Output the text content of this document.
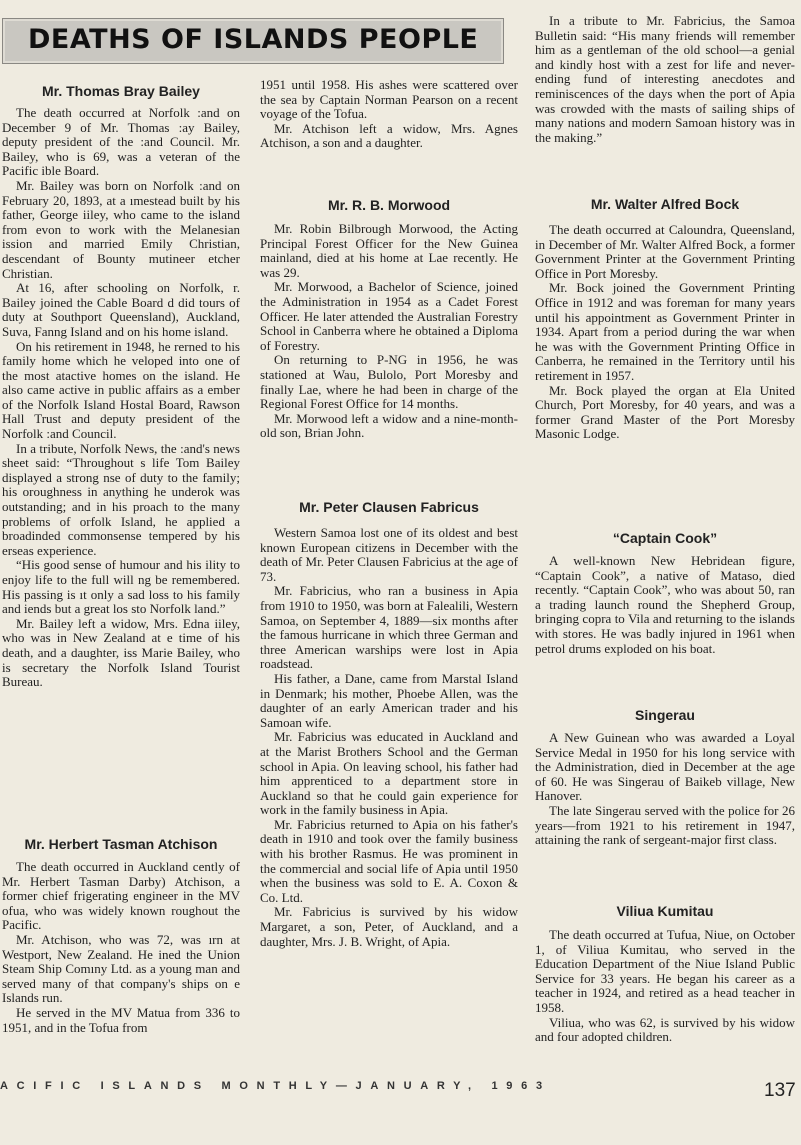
DEATHS OF ISLANDS PEOPLE
Mr. Thomas Bray Bailey

The death occurred at Norfolk :and on December 9 of Mr. Thomas :ay Bailey, deputy president of the :and Council. Mr. Bailey, who is 69, was a veteran of the Pacific ible Board.

Mr. Bailey was born on Norfolk :and on February 20, 1893, at a ımestead built by his father, George iiley, who came to the island from evon to work with the Melanesian ission and married Emily Christian, descendant of Bounty mutineer etcher Christian.

At 16, after schooling on Norfolk, r. Bailey joined the Cable Board d did tours of duty at Southport Queensland), Auckland, Suva, Fanng Island and on his home island.

On his retirement in 1948, he rerned to his family home which he veloped into one of the most atactive homes on the island. He also came active in public affairs as a ember of the Norfolk Island Hostal Board, Rawson Hall Trust and deputy president of the Norfolk :and Council.

In a tribute, Norfolk News, the :and's news sheet said: “Throughout s life Tom Bailey displayed a strong nse of duty to the family; his oroughness in anything he underok was outstanding; and in his proach to the many problems of orfolk Island, he applied a broadinded commonsense tempered by his erseas experience.

“His good sense of humour and his ility to enjoy life to the full will ng be remembered. His passing is ıt only a sad loss to his family and iends but a great los sto Norfolk land.”

Mr. Bailey left a widow, Mrs. Edna iiley, who was in New Zealand at e time of his death, and a daughter, iss Marie Bailey, who is secretary the Norfolk Island Tourist Bureau.

Mr. Herbert Tasman Atchison

The death occurred in Auckland cently of Mr. Herbert Tasman Darby) Atchison, a former chief frigerating engineer in the MV ofua, who was widely known roughout the Pacific.

Mr. Atchison, who was 72, was ırn at Westport, New Zealand. He ined the Union Steam Ship Comıny Ltd. as a young man and served many of that company's ships on e Islands run.

He served in the MV Matua from 336 to 1951, and in the Tofua from

1951 until 1958. His ashes were scattered over the sea by Captain Norman Pearson on a recent voyage of the Tofua.

Mr. Atchison left a widow, Mrs. Agnes Atchison, a son and a daughter.

Mr. R. B. Morwood

Mr. Robin Bilbrough Morwood, the Acting Principal Forest Officer for the New Guinea mainland, died at his home at Lae recently. He was 29.

Mr. Morwood, a Bachelor of Science, joined the Administration in 1954 as a Cadet Forest Officer. He later attended the Australian Forestry School in Canberra where he obtained a Diploma of Forestry.

On returning to P-NG in 1956, he was stationed at Wau, Bulolo, Port Moresby and finally Lae, where he had been in charge of the Regional Forest Office for 14 months.

Mr. Morwood left a widow and a nine-month-old son, Brian John.

Mr. Peter Clausen Fabricus

Western Samoa lost one of its oldest and best known European citizens in December with the death of Mr. Peter Clausen Fabricius at the age of 73.

Mr. Fabricius, who ran a business in Apia from 1910 to 1950, was born at Falealili, Western Samoa, on September 4, 1889—six months after the famous hurricane in which three German and three American warships were lost in Apia roadstead.

His father, a Dane, came from Marstal Island in Denmark; his mother, Phoebe Allen, was the daughter of an early American trader and his Samoan wife.

Mr. Fabricius was educated in Auckland and at the Marist Brothers School and the German school in Apia. On leaving school, his father had him apprenticed to a department store in Auckland so that he could gain experience for work in the family business in Apia.

Mr. Fabricius returned to Apia on his father's death in 1910 and took over the family business with his brother Rasmus. He was prominent in the commercial and social life of Apia until 1950 when the business was sold to E. A. Coxon & Co. Ltd.

Mr. Fabricius is survived by his widow Margaret, a son, Peter, of Auckland, and a daughter, Mrs. J. B. Wright, of Apia.

In a tribute to Mr. Fabricius, the Samoa Bulletin said: “His many friends will remember him as a gentleman of the old school—a genial and kindly host with a zest for life and never-ending fund of interesting anecdotes and reminiscences of the days when the port of Apia was crowded with the masts of sailing ships of many nations and modern Samoan history was in the making.”

Mr. Walter Alfred Bock

The death occurred at Caloundra, Queensland, in December of Mr. Walter Alfred Bock, a former Government Printer at the Government Printing Office in Port Moresby.

Mr. Bock joined the Government Printing Office in 1912 and was foreman for many years until his appointment as Government Printer in 1934. Apart from a period during the war when he was with the Government Printing Office in Canberra, he remained in the Territory until his retirement in 1957.

Mr. Bock played the organ at Ela United Church, Port Moresby, for 40 years, and was a former Grand Master of the Port Moresby Masonic Lodge.

“Captain Cook”

A well-known New Hebridean figure, “Captain Cook”, a native of Mataso, died recently. “Captain Cook”, who was about 50, ran a trading launch round the Shepherd Group, bringing copra to Vila and returning to the islands with stores. He was badly injured in 1961 when petrol drums exploded on his boat.

Singerau

A New Guinean who was awarded a Loyal Service Medal in 1950 for his long service with the Administration, died in December at the age of 60. He was Singerau of Baikeb village, New Hanover.

The late Singerau served with the police for 26 years—from 1921 to his retirement in 1947, attaining the rank of sergeant-major first class.

Viliua Kumitau

The death occurred at Tufua, Niue, on October 1, of Viliua Kumitau, who served in the Education Department of the Niue Island Public Service for 33 years. He began his career as a teacher in 1924, and retired as a head teacher in 1958.

Viliua, who was 62, is survived by his widow and four adopted children.

ACIFIC ISLANDS MONTHLY—JANUARY, 1963	137
